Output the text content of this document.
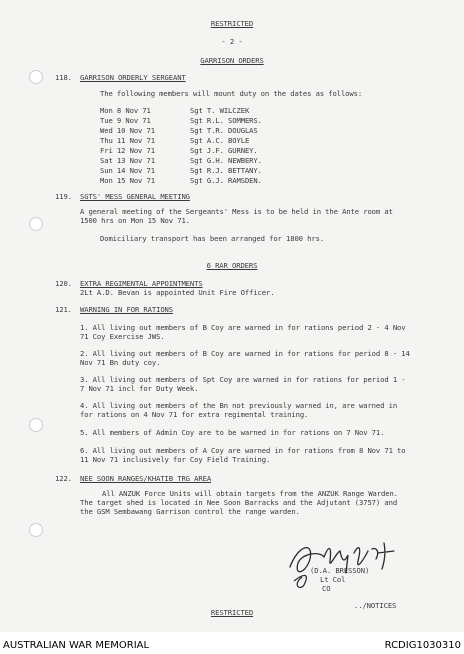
RESTRICTED
- 2 -
GARRISON ORDERS
118. GARRISON ORDERLY SERGEANT
The following members will mount duty on the dates as follows:
Mon 8 Nov 71	Sgt T. WILCZEK
Tue 9 Nov 71	Sgt R.L. SOMMERS.
Wed 10 Nov 71	Sgt T.R. DOUGLAS
Thu 11 Nov 71	Sgt A.C. BOYLE
Fri 12 Nov 71	Sgt J.F. GURNEY.
Sat 13 Nov 71	Sgt G.H. NEWBERY.
Sun 14 Nov 71	Sgt R.J. BETTANY.
Mon 15 Nov 71	Sgt G.J. RAMSDEN.
119. SGTS' MESS GENERAL MEETING
A general meeting of the Sergeants' Mess is to be held in the Ante room at 1500 hrs on Mon 15 Nov 71.
Domiciliary transport has been arranged for 1800 hrs.
6 RAR ORDERS
120. EXTRA REGIMENTAL APPOINTMENTS
2Lt A.D. Bevan is appointed Unit Fire Officer.
121. WARNING IN FOR RATIONS
1. All living out members of B Coy are warned in for rations period 2 - 4 Nov 71 Coy Exercise JWS.
2. All living out members of B Coy are warned in for rations for period 8 - 14 Nov 71 Bn duty coy.
3. All living out members of Spt Coy are warned in for rations for period 1 - 7 Nov 71 incl for Duty Week.
4. All living out members of the Bn not previously warned in, are warned in for rations on 4 Nov 71 for extra regimental training.
5. All members of Admin Coy are to be warned in for rations on 7 Nov 71.
6. All living out members of A Coy are warned in for rations from 8 Nov 71 to 11 Nov 71 inclusively for Coy Field Training.
122. NEE SOON RANGES/KHATIB TRG AREA
All ANZUK Force Units will obtain targets from the ANZUK Range Warden. The target shed is located in Nee Soon Barracks and the Adjutant (3757) and the GSM Sembawang Garrison control the range warden.
(D.A. BRESSON)
Lt Col
CO
../NOTICES
RESTRICTED
AUSTRALIAN WAR MEMORIAL	RCDIG1030310
